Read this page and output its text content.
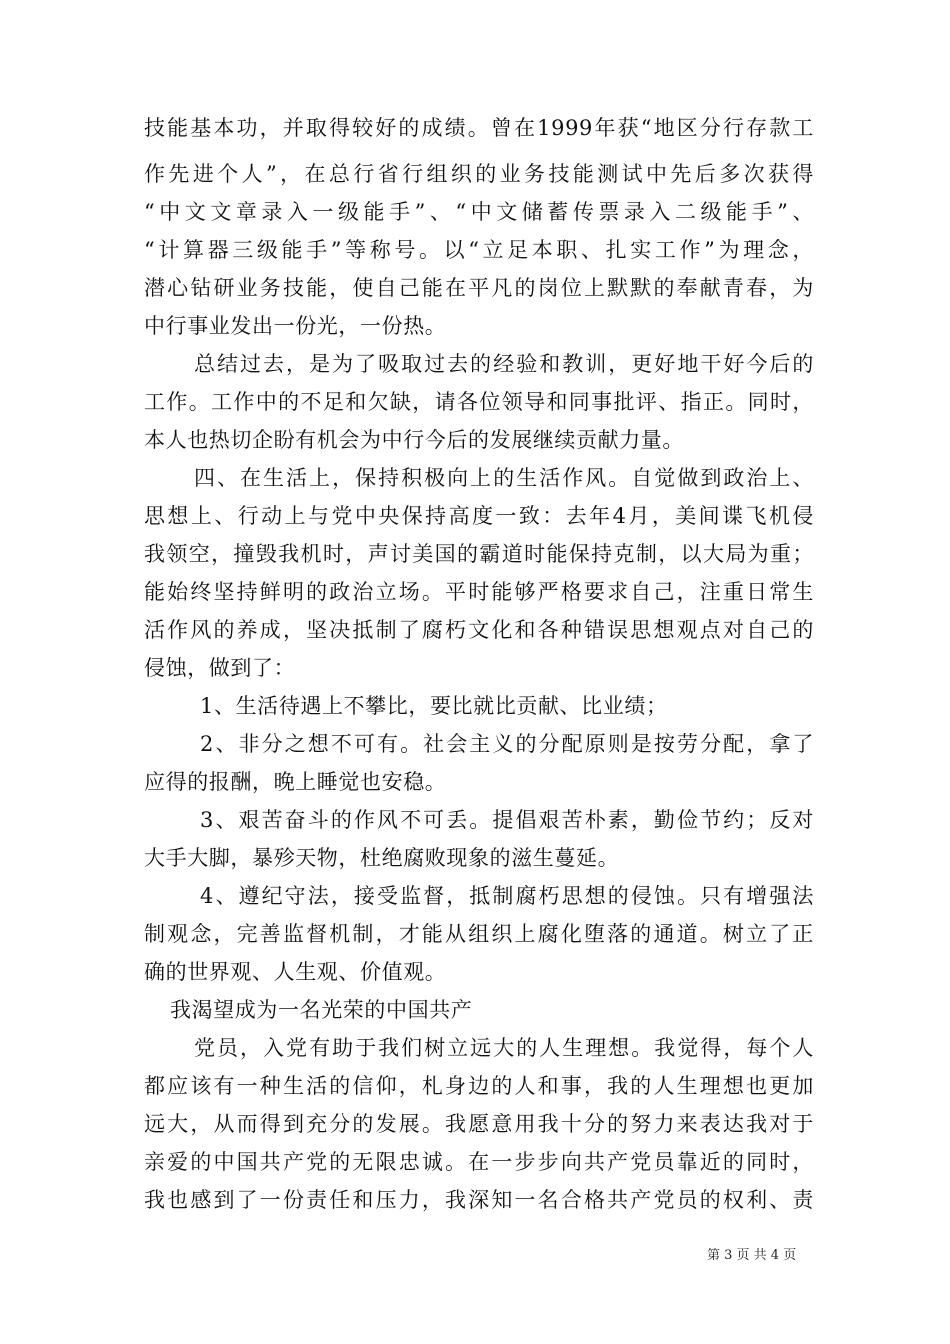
技能基本功，并取得较好的成绩。曾在1999年获“地区分行存款工
作先进个人”，在总行省行组织的业务技能测试中先后多次获得
“中文文章录入一级能手”、“中文储蓄传票录入二级能手”、
“计算器三级能手”等称号。以“立足本职、扎实工作”为理念，
潜心钻研业务技能，使自己能在平凡的岗位上默默的奉献青春，为
中行事业发出一份光，一份热。
总结过去，是为了吸取过去的经验和教训，更好地干好今后的
工作。工作中的不足和欠缺，请各位领导和同事批评、指正。同时，
本人也热切企盼有机会为中行今后的发展继续贡献力量。
四、在生活上，保持积极向上的生活作风。自觉做到政治上、
思想上、行动上与党中央保持高度一致：去年4月，美间谍飞机侵
我领空，撞毁我机时，声讨美国的霸道时能保持克制，以大局为重；
能始终坚持鲜明的政治立场。平时能够严格要求自己，注重日常生
活作风的养成，坚决抵制了腐朽文化和各种错误思想观点对自己的
侵蚀，做到了：
1、生活待遇上不攀比，要比就比贡献、比业绩；
2、非分之想不可有。社会主义的分配原则是按劳分配，拿了
应得的报酬，晚上睡觉也安稳。
3、艰苦奋斗的作风不可丢。提倡艰苦朴素，勤俭节约；反对
大手大脚，暴殄天物，杜绝腐败现象的滋生蔓延。
4、遵纪守法，接受监督，抵制腐朽思想的侵蚀。只有增强法
制观念，完善监督机制，才能从组织上腐化堕落的通道。树立了正
确的世界观、人生观、价值观。
我渴望成为一名光荣的中国共产
党员，入党有助于我们树立远大的人生理想。我觉得，每个人
都应该有一种生活的信仰，札身边的人和事，我的人生理想也更加
远大，从而得到充分的发展。我愿意用我十分的努力来表达我对于
亲爱的中国共产党的无限忠诚。在一步步向共产党员靠近的同时，
我也感到了一份责任和压力，我深知一名合格共产党员的权利、责
第 3 页 共 4 页
